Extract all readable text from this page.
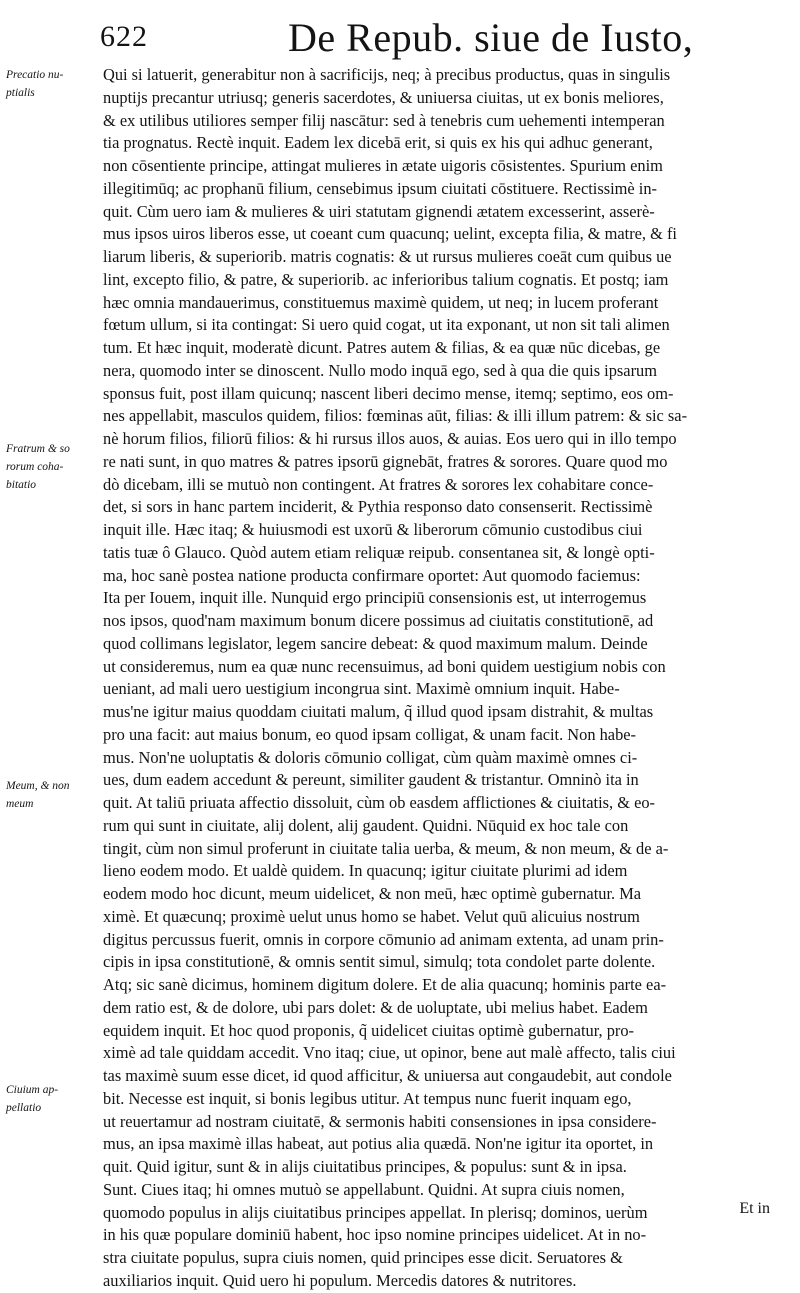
622	De Repub. siue de Iusto,
Precatio nu-
ptialis
Fratrum & so
rorum coha-
bitatio
Meum, & non
meum
Ciuium ap-
pellatio
Qui si latuerit, generabitur non à sacrificijs, neq; à precibus productus, quas in singulis
nuptijs precantur utriusq; generis sacerdotes, & uniuersa ciuitas, ut ex bonis meliores,
& ex utilibus utiliores semper filij nascātur: sed à tenebris cum uehementi intemperan
tia prognatus. Rectè inquit. Eadem lex dicebā erit, si quis ex his qui adhuc generant,
non cōsentiente principe, attingat mulieres in ætate uigoris cōsistentes. Spurium enim
illegitimūq; ac prophanū filium, censebimus ipsum ciuitati cōstituere. Rectissimè in-
quit. Cùm uero iam & mulieres & uiri statutam gignendi ætatem excesserint, asserè-
mus ipsos uiros liberos esse, ut coeant cum quacunq; uelint, excepta filia, & matre, & fi
liarum liberis, & superiorib. matris cognatis: & ut rursus mulieres coeāt cum quibus ue
lint, excepto filio, & patre, & superiorib. ac inferioribus talium cognatis. Et postq; iam
hæc omnia mandauerimus, constituemus maximè quidem, ut neq; in lucem proferant
fœtum ullum, si ita contingat: Si uero quid cogat, ut ita exponant, ut non sit tali alimen
tum. Et hæc inquit, moderatè dicunt. Patres autem & filias, & ea quæ nūc dicebas, ge
nera, quomodo inter se dinoscent. Nullo modo inquā ego, sed à qua die quis ipsarum
sponsus fuit, post illam quicunq; nascent liberi decimo mense, itemq; septimo, eos om-
nes appellabit, masculos quidem, filios: fœminas aūt, filias: & illi illum patrem: & sic sa-
nè horum filios, filiorū filios: & hi rursus illos auos, & auias. Eos uero qui in illo tempo
re nati sunt, in quo matres & patres ipsorū gignebāt, fratres & sorores. Quare quod mo
dò dicebam, illi se mutuò non contingent. At fratres & sorores lex cohabitare conce-
det, si sors in hanc partem inciderit, & Pythia responso dato consenserit. Rectissimè
inquit ille. Hæc itaq; & huiusmodi est uxorū & liberorum cōmunio custodibus ciui
tatis tuæ ô Glauco. Quòd autem etiam reliquæ reipub. consentanea sit, & longè opti-
ma, hoc sanè postea natione producta confirmare oportet: Aut quomodo faciemus:
Ita per Iouem, inquit ille. Nunquid ergo principiū consensionis est, ut interrogemus
nos ipsos, quod'nam maximum bonum dicere possimus ad ciuitatis constitutionē, ad
quod collimans legislator, legem sancire debeat: & quod maximum malum. Deinde
ut consideremus, num ea quæ nunc recensuimus, ad boni quidem uestigium nobis con
ueniant, ad mali uero uestigium incongrua sint. Maximè omnium inquit. Habe-
mus'ne igitur maius quoddam ciuitati malum, q̃ illud quod ipsam distrahit, & multas
pro una facit: aut maius bonum, eo quod ipsam colligat, & unam facit. Non habe-
mus. Non'ne uoluptatis & doloris cōmunio colligat, cùm quàm maximè omnes ci-
ues, dum eadem accedunt & pereunt, similiter gaudent & tristantur. Omninò ita in
quit. At taliū priuata affectio dissoluit, cùm ob easdem afflictiones & ciuitatis, & eo-
rum qui sunt in ciuitate, alij dolent, alij gaudent. Quidni. Nūquid ex hoc tale con
tingit, cùm non simul proferunt in ciuitate talia uerba, & meum, & non meum, & de a-
lieno eodem modo. Et ualdè quidem. In quacunq; igitur ciuitate plurimi ad idem
eodem modo hoc dicunt, meum uidelicet, & non meū, hæc optimè gubernatur. Ma
ximè. Et quæcunq; proximè uelut unus homo se habet. Velut quū alicuius nostrum
digitus percussus fuerit, omnis in corpore cōmunio ad animam extenta, ad unam prin-
cipis in ipsa constitutionē, & omnis sentit simul, simulq; tota condolet parte dolente.
Atq; sic sanè dicimus, hominem digitum dolere. Et de alia quacunq; hominis parte ea-
dem ratio est, & de dolore, ubi pars dolet: & de uoluptate, ubi melius habet. Eadem
equidem inquit. Et hoc quod proponis, q̃ uidelicet ciuitas optimè gubernatur, pro-
ximè ad tale quiddam accedit. Vno itaq; ciue, ut opinor, bene aut malè affecto, talis ciui
tas maximè suum esse dicet, id quod afficitur, & uniuersa aut congaudebit, aut condole
bit. Necesse est inquit, si bonis legibus utitur. At tempus nunc fuerit inquam ego,
ut reuertamur ad nostram ciuitatē, & sermonis habiti consensiones in ipsa considere-
mus, an ipsa maximè illas habeat, aut potius alia quædā. Non'ne igitur ita oportet, in
quit. Quid igitur, sunt & in alijs ciuitatibus principes, & populus: sunt & in ipsa.
Sunt. Ciues itaq; hi omnes mutuò se appellabunt. Quidni. At supra ciuis nomen,
quomodo populus in alijs ciuitatibus principes appellat. In plerisq; dominos, uerùm
in his quæ populare dominiū habent, hoc ipso nomine principes uidelicet. At in no-
stra ciuitate populus, supra ciuis nomen, quid principes esse dicit. Seruatores &
auxiliarios inquit. Quid uero hi populum. Mercedis datores & nutritores.
Et in
